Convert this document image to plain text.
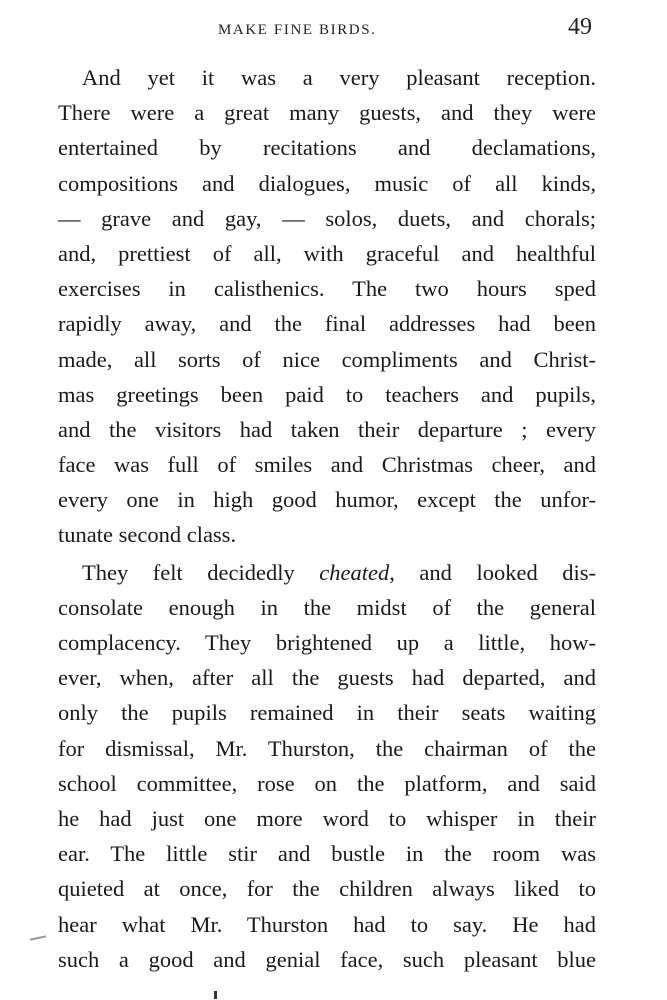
MAKE FINE BIRDS.	49

And yet it was a very pleasant reception.
There were a great many guests, and they were
entertained by recitations and declamations,
compositions and dialogues, music of all kinds,
— grave and gay, — solos, duets, and chorals;
and, prettiest of all, with graceful and healthful
exercises in calisthenics. The two hours sped
rapidly away, and the final addresses had been
made, all sorts of nice compliments and Christ-
mas greetings been paid to teachers and pupils,
and the visitors had taken their departure ; every
face was full of smiles and Christmas cheer, and
every one in high good humor, except the unfor-
tunate second class.

They felt decidedly cheated, and looked dis-
consolate enough in the midst of the general
complacency. They brightened up a little, how-
ever, when, after all the guests had departed, and
only the pupils remained in their seats waiting
for dismissal, Mr. Thurston, the chairman of the
school committee, rose on the platform, and said
he had just one more word to whisper in their
ear. The little stir and bustle in the room was
quieted at once, for the children always liked to
hear what Mr. Thurston had to say. He had
such a good and genial face, such pleasant blue
